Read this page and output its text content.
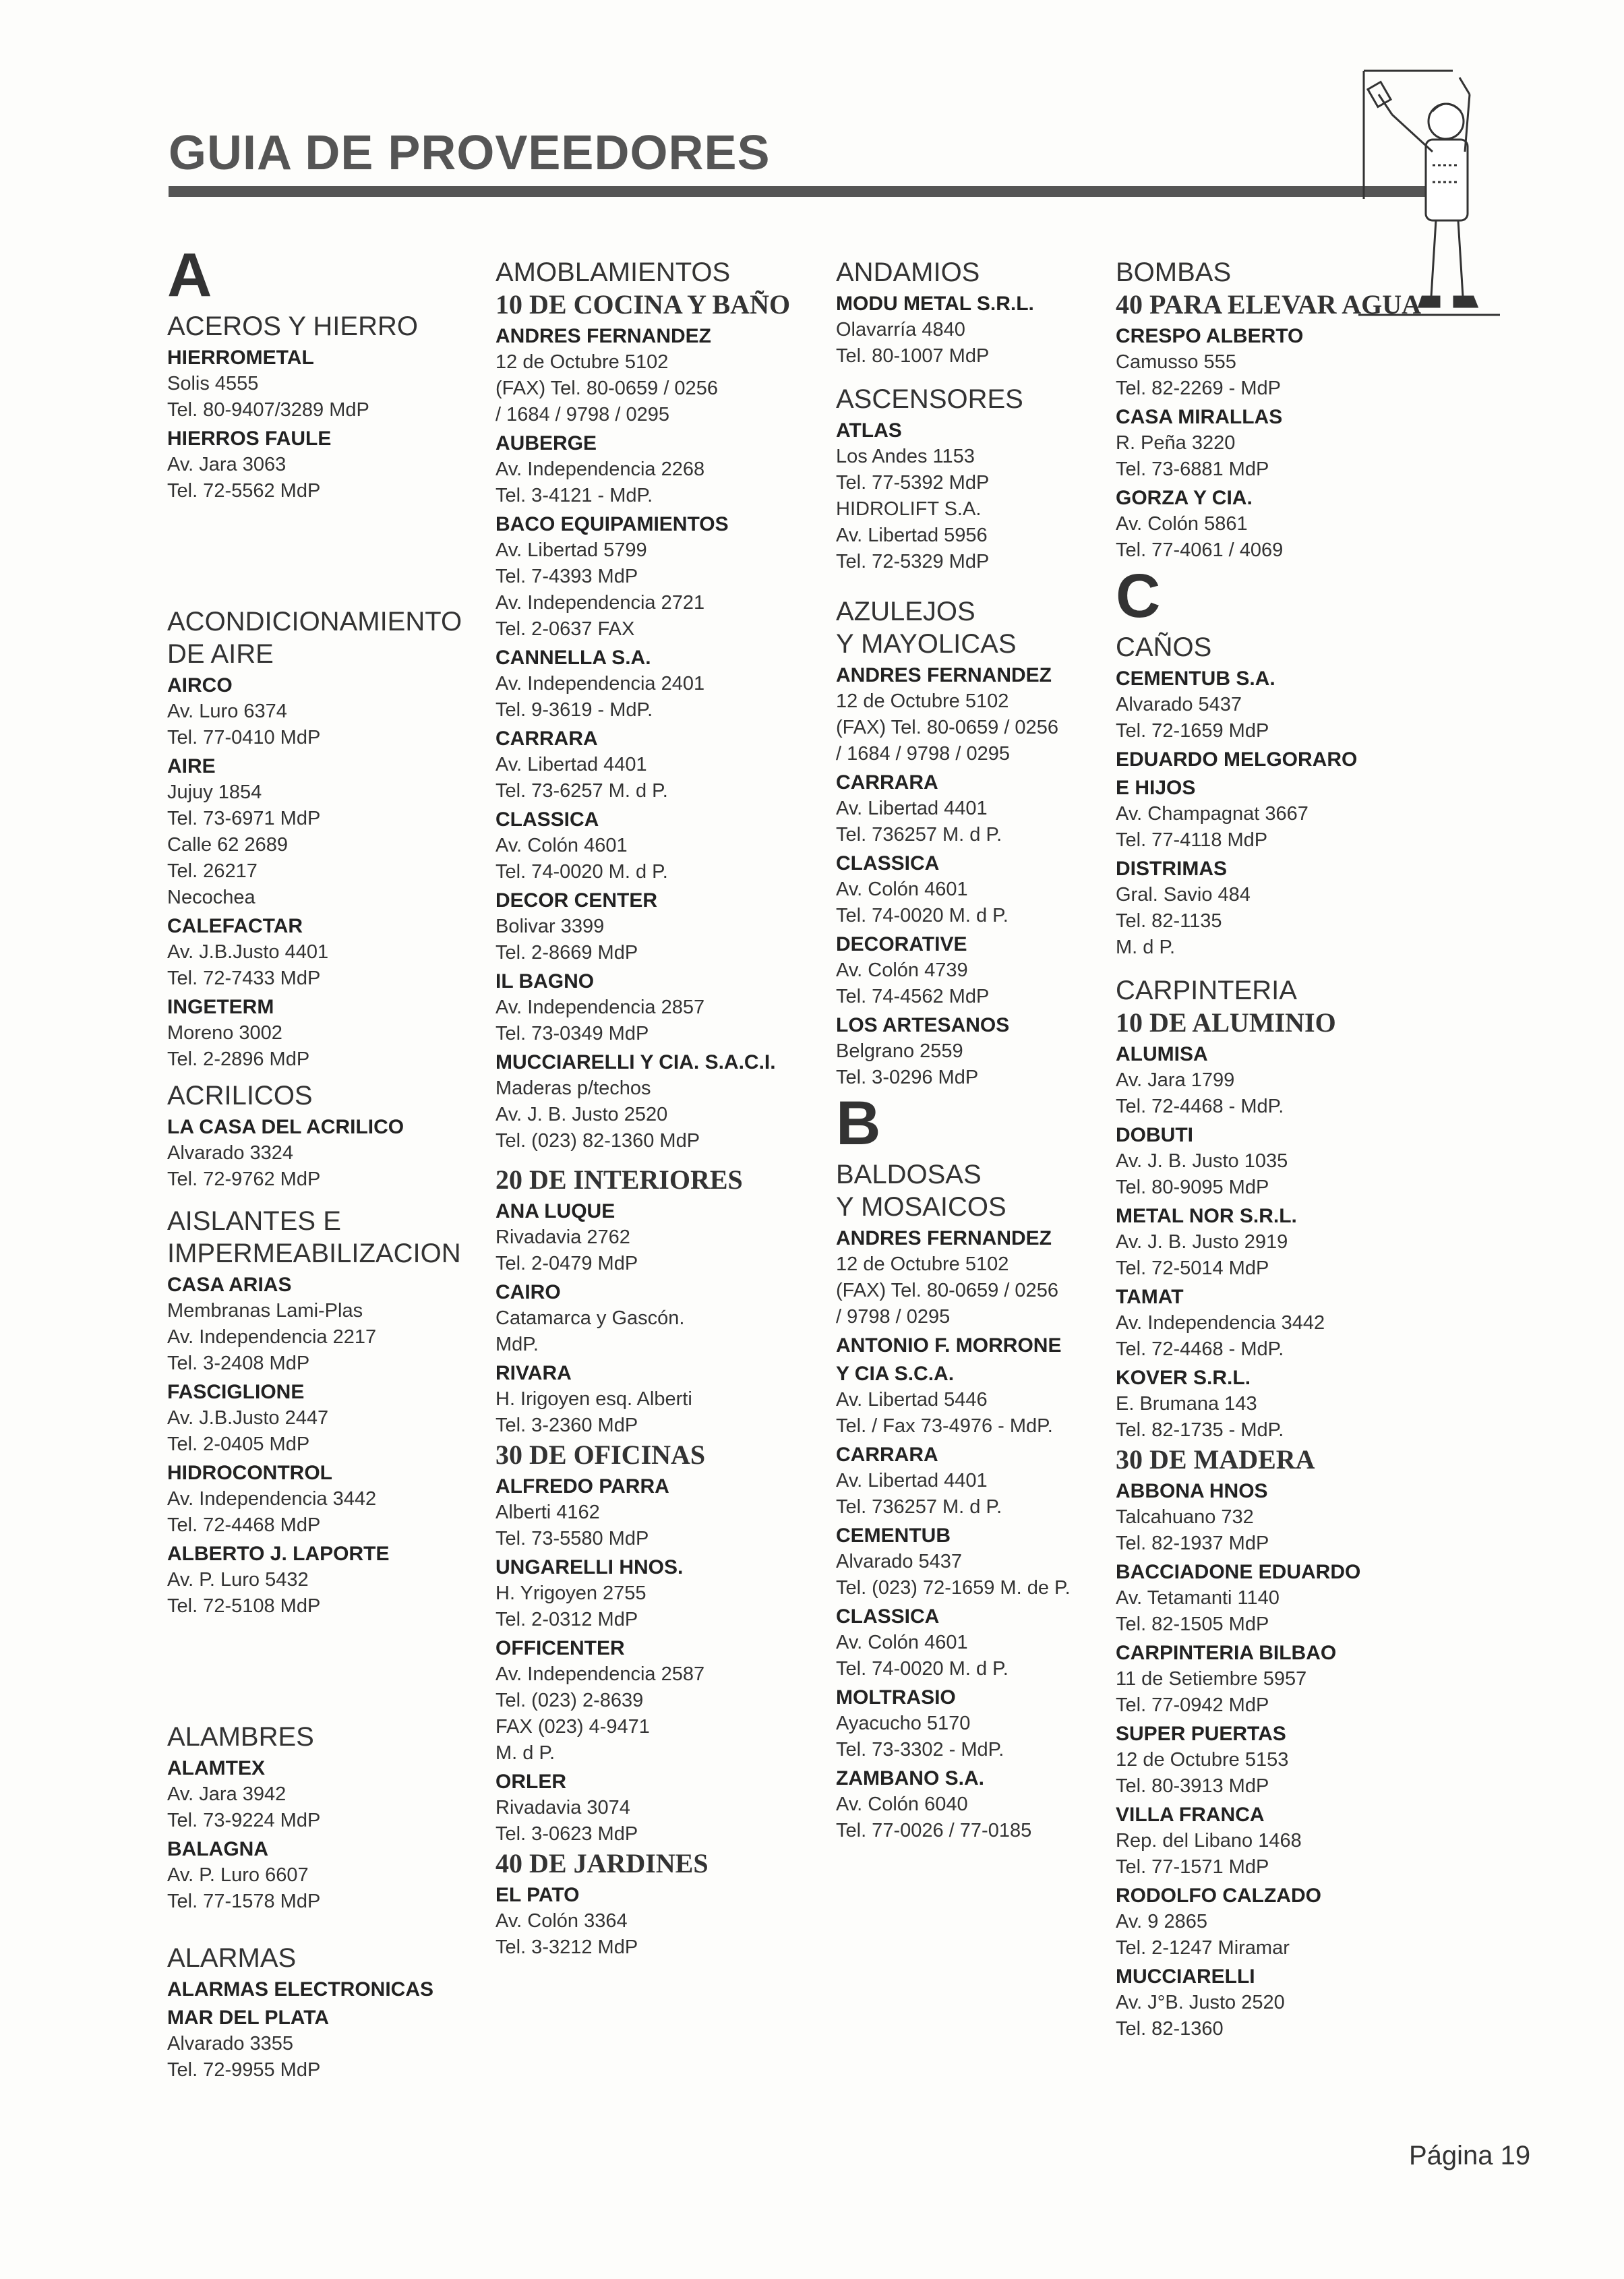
GUIA DE PROVEEDORES
A
ACEROS Y HIERRO
HIERROMETAL
Solis 4555
Tel. 80-9407/3289 MdP
HIERROS FAULE
Av. Jara 3063
Tel. 72-5562 MdP
ACONDICIONAMIENTO
DE AIRE
AIRCO
Av. Luro 6374
Tel. 77-0410 MdP
AIRE
Jujuy 1854
Tel. 73-6971 MdP
Calle 62 2689
Tel. 26217
Necochea
CALEFACTAR
Av. J.B.Justo 4401
Tel. 72-7433 MdP
INGETERM
Moreno 3002
Tel. 2-2896 MdP
ACRILICOS
LA CASA DEL ACRILICO
Alvarado 3324
Tel. 72-9762 MdP
AISLANTES E
IMPERMEABILIZACION
CASA ARIAS
Membranas Lami-Plas
Av. Independencia 2217
Tel. 3-2408 MdP
FASCIGLIONE
Av. J.B.Justo 2447
Tel. 2-0405 MdP
HIDROCONTROL
Av. Independencia 3442
Tel. 72-4468 MdP
ALBERTO J. LAPORTE
Av. P. Luro 5432
Tel. 72-5108 MdP
ALAMBRES
ALAMTEX
Av. Jara 3942
Tel. 73-9224 MdP
BALAGNA
Av. P. Luro 6607
Tel. 77-1578 MdP
ALARMAS
ALARMAS ELECTRONICAS
MAR DEL PLATA
Alvarado 3355
Tel. 72-9955 MdP
AMOBLAMIENTOS
10 DE COCINA Y BAÑO
ANDRES FERNANDEZ
12 de Octubre 5102
(FAX) Tel. 80-0659 / 0256
/ 1684 / 9798 / 0295
AUBERGE
Av. Independencia 2268
Tel. 3-4121 - MdP.
BACO EQUIPAMIENTOS
Av. Libertad 5799
Tel. 7-4393 MdP
Av. Independencia 2721
Tel. 2-0637 FAX
CANNELLA S.A.
Av. Independencia 2401
Tel. 9-3619 - MdP.
CARRARA
Av. Libertad 4401
Tel. 73-6257 M. d P.
CLASSICA
Av. Colón 4601
Tel. 74-0020 M. d P.
DECOR CENTER
Bolivar 3399
Tel. 2-8669 MdP
IL BAGNO
Av. Independencia 2857
Tel. 73-0349 MdP
MUCCIARELLI Y CIA. S.A.C.I.
Maderas p/techos
Av. J. B. Justo 2520
Tel. (023) 82-1360 MdP
20 DE INTERIORES
ANA LUQUE
Rivadavia 2762
Tel. 2-0479 MdP
CAIRO
Catamarca y Gascón.
MdP.
RIVARA
H. Irigoyen esq. Alberti
Tel. 3-2360 MdP
30 DE OFICINAS
ALFREDO PARRA
Alberti 4162
Tel. 73-5580 MdP
UNGARELLI HNOS.
H. Yrigoyen 2755
Tel. 2-0312 MdP
OFFICENTER
Av. Independencia 2587
Tel. (023) 2-8639
FAX (023) 4-9471
M. d P.
ORLER
Rivadavia 3074
Tel. 3-0623 MdP
40 DE JARDINES
EL PATO
Av. Colón 3364
Tel. 3-3212 MdP
ANDAMIOS
MODU METAL S.R.L.
Olavarría 4840
Tel. 80-1007 MdP
ASCENSORES
ATLAS
Los Andes 1153
Tel. 77-5392 MdP
HIDROLIFT S.A.
Av. Libertad 5956
Tel. 72-5329 MdP
AZULEJOS
Y MAYOLICAS
ANDRES FERNANDEZ
12 de Octubre 5102
(FAX) Tel. 80-0659 / 0256
/ 1684 / 9798 / 0295
CARRARA
Av. Libertad 4401
Tel. 736257 M. d P.
CLASSICA
Av. Colón 4601
Tel. 74-0020 M. d P.
DECORATIVE
Av. Colón 4739
Tel. 74-4562 MdP
LOS ARTESANOS
Belgrano 2559
Tel. 3-0296 MdP
B
BALDOSAS
Y MOSAICOS
ANDRES FERNANDEZ
12 de Octubre 5102
(FAX) Tel. 80-0659 / 0256
/ 9798 / 0295
ANTONIO F. MORRONE
Y CIA S.C.A.
Av. Libertad 5446
Tel. / Fax 73-4976 - MdP.
CARRARA
Av. Libertad 4401
Tel. 736257 M. d P.
CEMENTUB
Alvarado 5437
Tel. (023) 72-1659 M. de P.
CLASSICA
Av. Colón 4601
Tel. 74-0020 M. d P.
MOLTRASIO
Ayacucho 5170
Tel. 73-3302 - MdP.
ZAMBANO S.A.
Av. Colón 6040
Tel. 77-0026 / 77-0185
BOMBAS
40 PARA ELEVAR AGUA
CRESPO ALBERTO
Camusso 555
Tel. 82-2269 - MdP
CASA MIRALLAS
R. Peña 3220
Tel. 73-6881 MdP
GORZA Y CIA.
Av. Colón 5861
Tel. 77-4061 / 4069
C
CAÑOS
CEMENTUB S.A.
Alvarado 5437
Tel. 72-1659 MdP
EDUARDO MELGORARO
E HIJOS
Av. Champagnat 3667
Tel. 77-4118 MdP
DISTRIMAS
Gral. Savio 484
Tel. 82-1135
M. d P.
CARPINTERIA
10 DE ALUMINIO
ALUMISA
Av. Jara 1799
Tel. 72-4468 - MdP.
DOBUTI
Av. J. B. Justo 1035
Tel. 80-9095 MdP
METAL NOR S.R.L.
Av. J. B. Justo 2919
Tel. 72-5014 MdP
TAMAT
Av. Independencia 3442
Tel. 72-4468 - MdP.
KOVER S.R.L.
E. Brumana 143
Tel. 82-1735 - MdP.
30 DE MADERA
ABBONA HNOS
Talcahuano 732
Tel. 82-1937 MdP
BACCIADONE EDUARDO
Av. Tetamanti 1140
Tel. 82-1505 MdP
CARPINTERIA BILBAO
11 de Setiembre 5957
Tel. 77-0942 MdP
SUPER PUERTAS
12 de Octubre 5153
Tel. 80-3913 MdP
VILLA FRANCA
Rep. del Libano 1468
Tel. 77-1571 MdP
RODOLFO CALZADO
Av. 9 2865
Tel. 2-1247 Miramar
MUCCIARELLI
Av. J°B. Justo 2520
Tel. 82-1360
Página 19
